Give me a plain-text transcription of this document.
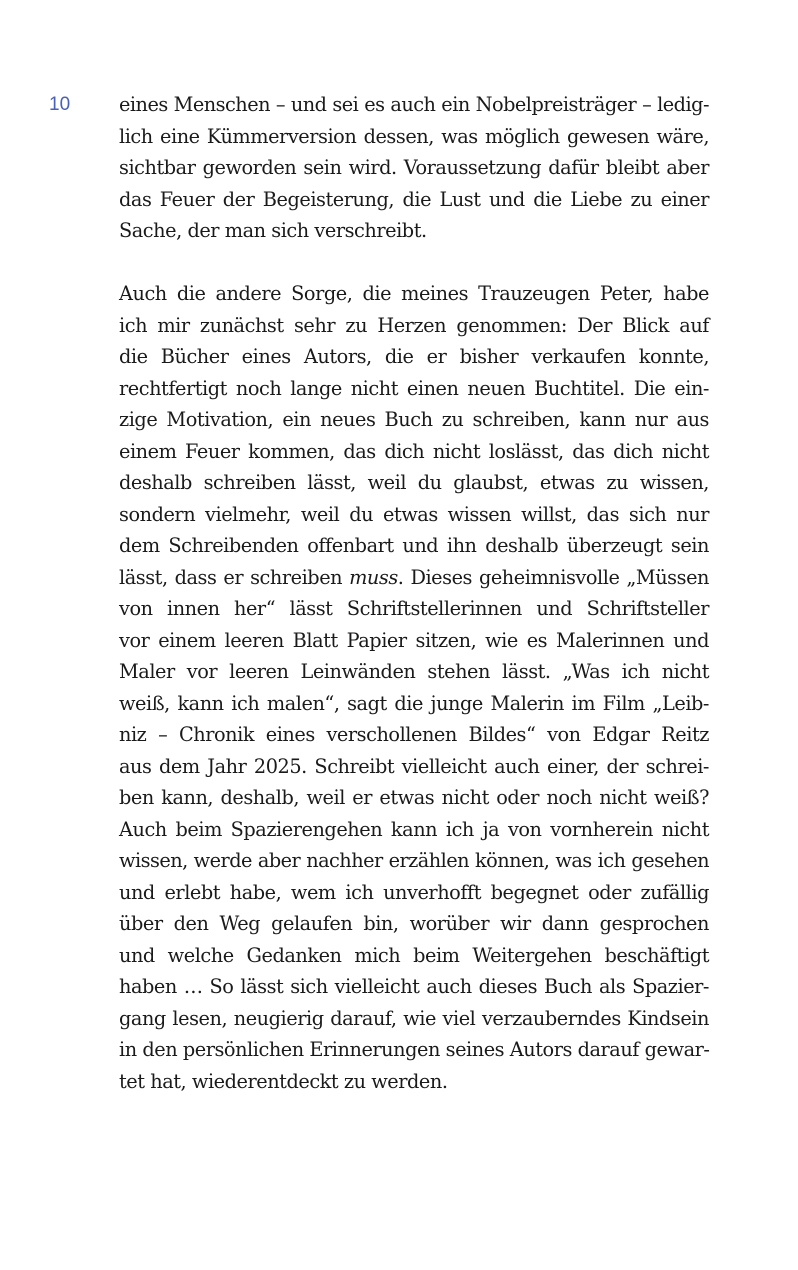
10	eines Menschen – und sei es auch ein Nobelpreisträger – ledig-
lich eine Kümmerversion dessen, was möglich gewesen wäre,
sichtbar geworden sein wird. Voraussetzung dafür bleibt aber
das Feuer der Begeisterung, die Lust und die Liebe zu einer
Sache, der man sich verschreibt.
Auch die andere Sorge, die meines Trauzeugen Peter, habe
ich mir zunächst sehr zu Herzen genommen: Der Blick auf
die Bücher eines Autors, die er bisher verkaufen konnte,
rechtfertigt noch lange nicht einen neuen Buchtitel. Die ein-
zige Motivation, ein neues Buch zu schreiben, kann nur aus
einem Feuer kommen, das dich nicht loslässt, das dich nicht
deshalb schreiben lässt, weil du glaubst, etwas zu wissen,
sondern vielmehr, weil du etwas wissen willst, das sich nur
dem Schreibenden offenbart und ihn deshalb überzeugt sein
lässt, dass er schreiben muss. Dieses geheimnisvolle „Müssen
von innen her“ lässt Schriftstellerinnen und Schriftsteller
vor einem leeren Blatt Papier sitzen, wie es Malerinnen und
Maler vor leeren Leinwänden stehen lässt. „Was ich nicht
weiß, kann ich malen“, sagt die junge Malerin im Film „Leib-
niz – Chronik eines verschollenen Bildes“ von Edgar Reitz
aus dem Jahr 2025. Schreibt vielleicht auch einer, der schrei-
ben kann, deshalb, weil er etwas nicht oder noch nicht weiß?
Auch beim Spazierengehen kann ich ja von vornherein nicht
wissen, werde aber nachher erzählen können, was ich gesehen
und erlebt habe, wem ich unverhofft begegnet oder zufällig
über den Weg gelaufen bin, worüber wir dann gesprochen
und welche Gedanken mich beim Weitergehen beschäftigt
haben … So lässt sich vielleicht auch dieses Buch als Spazier-
gang lesen, neugierig darauf, wie viel verzauberndes Kindsein
in den persönlichen Erinnerungen seines Autors darauf gewar-
tet hat, wiederentdeckt zu werden.
